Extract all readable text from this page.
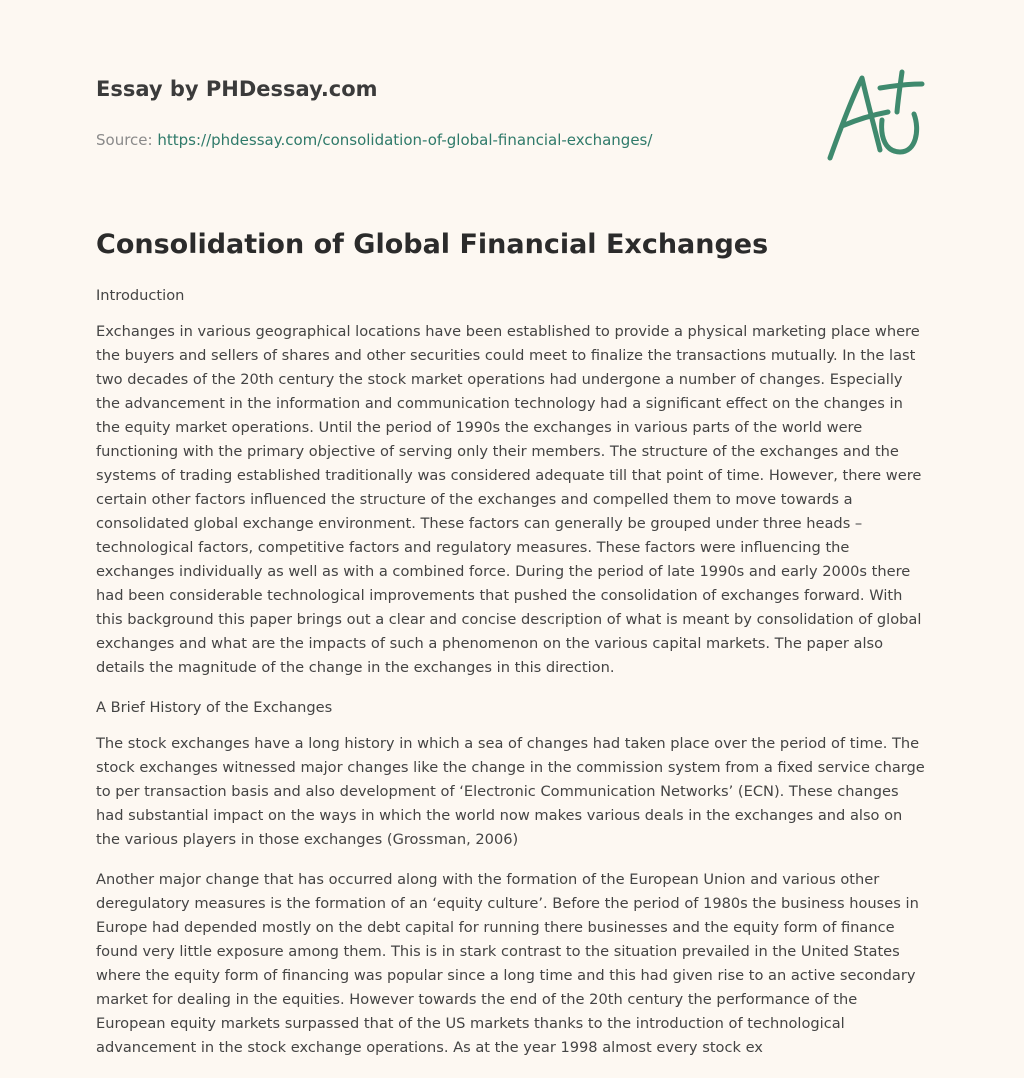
Essay by PHDessay.com
Source: https://phdessay.com/consolidation-of-global-financial-exchanges/
Consolidation of Global Financial Exchanges

Introduction

Exchanges in various geographical locations have been established to provide a physical marketing place where the buyers and sellers of shares and other securities could meet to finalize the transactions mutually. In the last two decades of the 20th century the stock market operations had undergone a number of changes. Especially the advancement in the information and communication technology had a significant effect on the changes in the equity market operations. Until the period of 1990s the exchanges in various parts of the world were functioning with the primary objective of serving only their members. The structure of the exchanges and the systems of trading established traditionally was considered adequate till that point of time. However, there were certain other factors influenced the structure of the exchanges and compelled them to move towards a consolidated global exchange environment. These factors can generally be grouped under three heads – technological factors, competitive factors and regulatory measures. These factors were influencing the exchanges individually as well as with a combined force. During the period of late 1990s and early 2000s there had been considerable technological improvements that pushed the consolidation of exchanges forward. With this background this paper brings out a clear and concise description of what is meant by consolidation of global exchanges and what are the impacts of such a phenomenon on the various capital markets. The paper also details the magnitude of the change in the exchanges in this direction.

A Brief History of the Exchanges

The stock exchanges have a long history in which a sea of changes had taken place over the period of time. The stock exchanges witnessed major changes like the change in the commission system from a fixed service charge to per transaction basis and also development of ‘Electronic Communication Networks’ (ECN). These changes had substantial impact on the ways in which the world now makes various deals in the exchanges and also on the various players in those exchanges (Grossman, 2006)

Another major change that has occurred along with the formation of the European Union and various other deregulatory measures is the formation of an ‘equity culture’. Before the period of 1980s the business houses in Europe had depended mostly on the debt capital for running there businesses and the equity form of finance found very little exposure among them. This is in stark contrast to the situation prevailed in the United States where the equity form of financing was popular since a long time and this had given rise to an active secondary market for dealing in the equities. However towards the end of the 20th century the performance of the European equity markets surpassed that of the US markets thanks to the introduction of technological advancement in the stock exchange operations. As at the year 1998 almost every stock ex
